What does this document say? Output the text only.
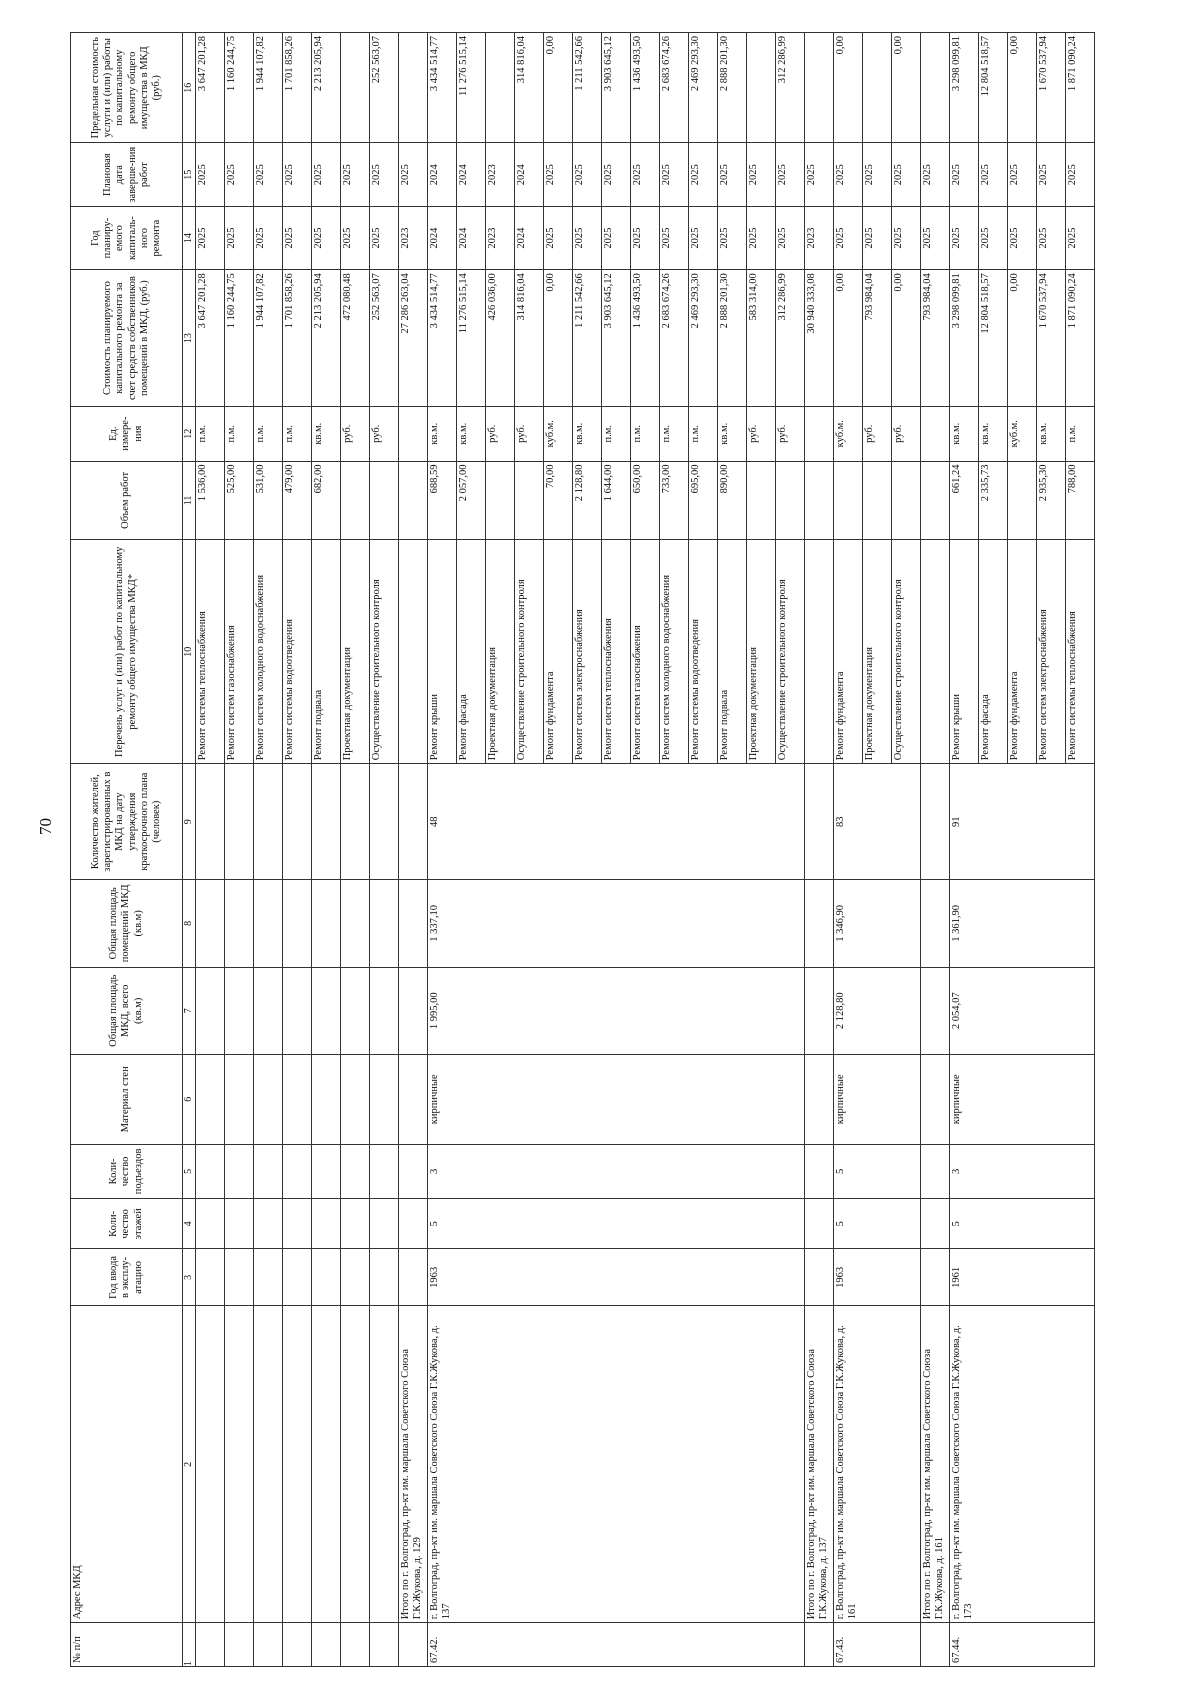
70
№ п/п	Адрес МКД	Год ввода в эксплу-атацию	Коли-чество этажей	Коли-чество подъездов	Материал стен	Общая площадь МКД, всего (кв.м)	Общая площадь помещений МКД (кв.м)	Количество жителей, зарегистрированных в МКД на дату утверждения краткосрочного плана (человек)	Перечень услуг и (или) работ по капитальному ремонту общего имущества МКД*	Объем работ	Ед. измере-ния	Стоимость планируемого капитального ремонта за счет средств собственников помещений в МКД, (руб.)	Год планиру-емого капиталь-ного ремонта	Плановая дата заверше-ния работ	Предельная стоимость услуги и (или) работы по капитальному ремонту общего имущества в МКД (руб.)
1	2	3	4	5	6	7	8	9	10	11	12	13	14	15	16
									Ремонт системы теплоснабжения	1 536,00	п.м.	3 647 201,28	2025	2025	3 647 201,28
									Ремонт систем газоснабжения	525,00	п.м.	1 160 244,75	2025	2025	1 160 244,75
									Ремонт систем холодного водоснабжения	531,00	п.м.	1 944 107,82	2025	2025	1 944 107,82
									Ремонт системы водоотведения	479,00	п.м.	1 701 858,26	2025	2025	1 701 858,26
									Ремонт подвала	682,00	кв.м.	2 213 205,94	2025	2025	2 213 205,94
									Проектная документация		руб.	472 080,48	2025	2025	
									Осуществление строительного контроля		руб.	252 563,07	2025	2025	252 563,07
	Итого по г. Волгоград, пр-кт им. маршала Советского Союза Г.К.Жукова, д. 129											27 286 263,04	2023	2025	
67.42.	г. Волгоград, пр-кт им. маршала Советского Союза Г.К.Жукова, д. 137	1963	5	3	кирпичные	1 995,00	1 337,10	48	Ремонт крыши	688,59	кв.м.	3 434 514,77	2024	2024	3 434 514,77
									Ремонт фасада	2 057,00	кв.м.	11 276 515,14	2024	2024	11 276 515,14
									Проектная документация		руб.	426 036,00	2023	2023	
									Осуществление строительного контроля		руб.	314 816,04	2024	2024	314 816,04
									Ремонт фундамента	70,00	куб.м.	0,00	2025	2025	0,00
									Ремонт систем электроснабжения	2 128,80	кв.м.	1 211 542,66	2025	2025	1 211 542,66
									Ремонт систем теплоснабжения	1 644,00	п.м.	3 903 645,12	2025	2025	3 903 645,12
									Ремонт систем газоснабжения	650,00	п.м.	1 436 493,50	2025	2025	1 436 493,50
									Ремонт систем холодного водоснабжения	733,00	п.м.	2 683 674,26	2025	2025	2 683 674,26
									Ремонт системы водоотведения	695,00	п.м.	2 469 293,30	2025	2025	2 469 293,30
									Ремонт подвала	890,00	кв.м.	2 888 201,30	2025	2025	2 888 201,30
									Проектная документация		руб.	583 314,00	2025	2025	
									Осуществление строительного контроля		руб.	312 286,99	2025	2025	312 286,99
	Итого по г. Волгоград, пр-кт им. маршала Советского Союза Г.К.Жукова, д. 137											30 940 333,08	2023	2025	
67.43.	г. Волгоград, пр-кт им. маршала Советского Союза Г.К.Жукова, д. 161	1963	5	5	кирпичные	2 128,80	1 346,90	83	Ремонт фундамента		куб.м.	0,00	2025	2025	0,00
									Проектная документация		руб.	793 984,04	2025	2025	
									Осуществление строительного контроля		руб.	0,00	2025	2025	0,00
	Итого по г. Волгоград, пр-кт им. маршала Советского Союза Г.К.Жукова, д. 161											793 984,04	2025	2025	
67.44.	г. Волгоград, пр-кт им. маршала Советского Союза Г.К.Жукова, д. 173	1961	5	3	кирпичные	2 054,07	1 361,90	91	Ремонт крыши	661,24	кв.м.	3 298 099,81	2025	2025	3 298 099,81
									Ремонт фасада	2 335,73	кв.м.	12 804 518,57	2025	2025	12 804 518,57
									Ремонт фундамента		куб.м.	0,00	2025	2025	0,00
									Ремонт систем электроснабжения	2 935,30	кв.м.	1 670 537,94	2025	2025	1 670 537,94
									Ремонт системы теплоснабжения	788,00	п.м.	1 871 090,24	2025	2025	1 871 090,24
